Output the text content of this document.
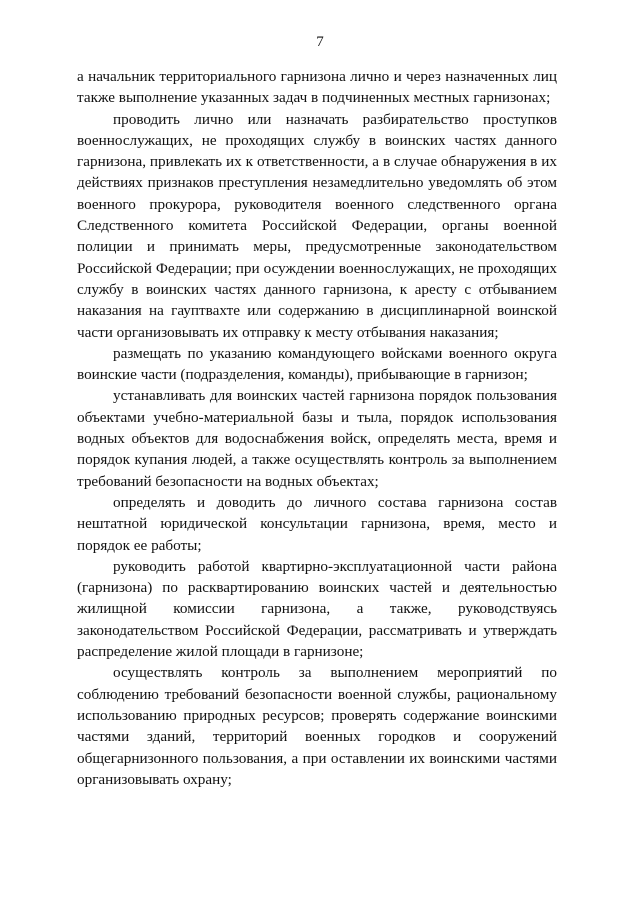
7

а начальник территориального гарнизона лично и через назначенных лиц также выполнение указанных задач в подчиненных местных гарнизонах;

проводить лично или назначать разбирательство проступков военнослужащих, не проходящих службу в воинских частях данного гарнизона, привлекать их к ответственности, а в случае обнаружения в их действиях признаков преступления незамедлительно уведомлять об этом военного прокурора, руководителя военного следственного органа Следственного комитета Российской Федерации, органы военной полиции и принимать меры, предусмотренные законодательством Российской Федерации; при осуждении военнослужащих, не проходящих службу в воинских частях данного гарнизона, к аресту с отбыванием наказания на гауптвахте или содержанию в дисциплинарной воинской части организовывать их отправку к месту отбывания наказания;

размещать по указанию командующего войсками военного округа воинские части (подразделения, команды), прибывающие в гарнизон;

устанавливать для воинских частей гарнизона порядок пользования объектами учебно-материальной базы и тыла, порядок использования водных объектов для водоснабжения войск, определять места, время и порядок купания людей, а также осуществлять контроль за выполнением требований безопасности на водных объектах;

определять и доводить до личного состава гарнизона состав нештатной юридической консультации гарнизона, время, место и порядок ее работы;

руководить работой квартирно-эксплуатационной части района (гарнизона) по расквартированию воинских частей и деятельностью жилищной комиссии гарнизона, а также, руководствуясь законодательством Российской Федерации, рассматривать и утверждать распределение жилой площади в гарнизоне;

осуществлять контроль за выполнением мероприятий по соблюдению требований безопасности военной службы, рациональному использованию природных ресурсов; проверять содержание воинскими частями зданий, территорий военных городков и сооружений общегарнизонного пользования, а при оставлении их воинскими частями организовывать охрану;
